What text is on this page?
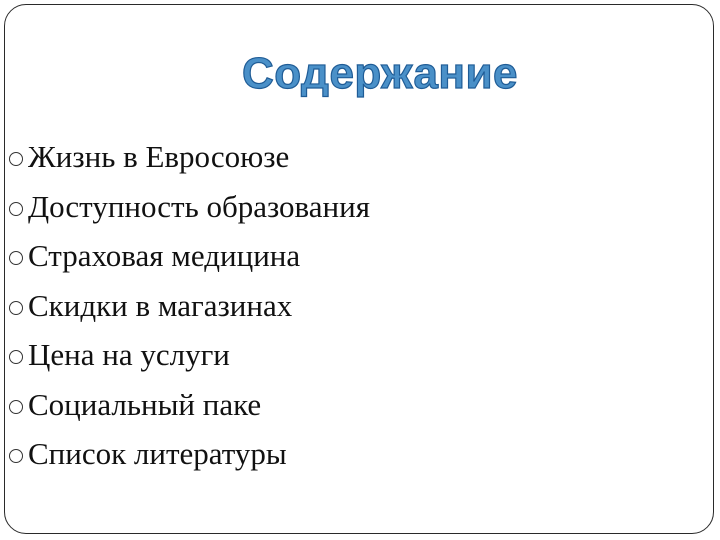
Содержание
Жизнь в Евросоюзе
Доступность образования
Страховая медицина
Скидки в магазинах
Цена на услуги
Социальный паке
Список литературы
